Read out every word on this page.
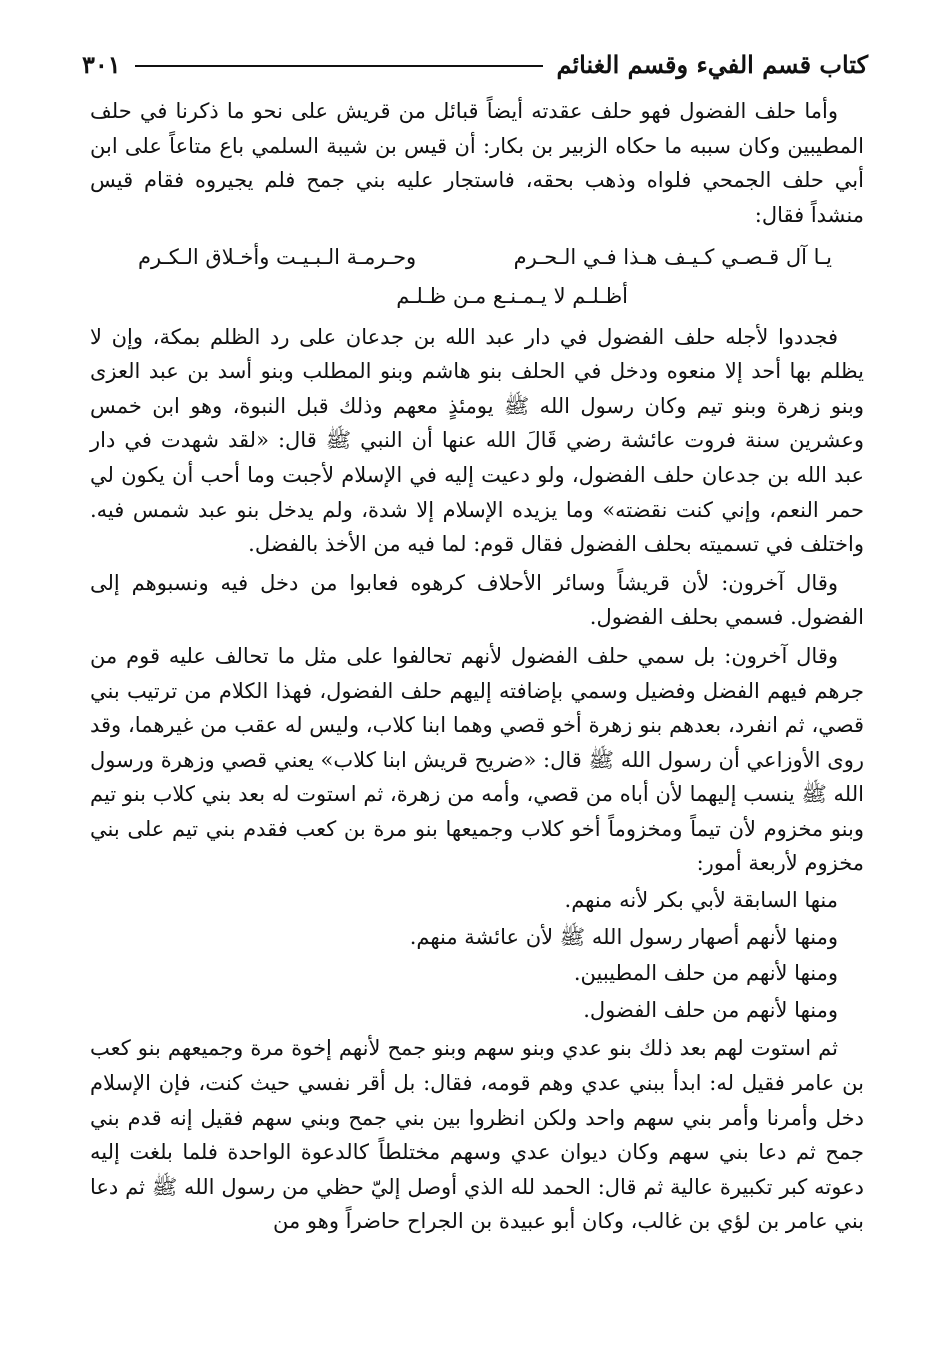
كتاب قسم الفيء وقسم الغنائم
٣٠١

وأما حلف الفضول فهو حلف عقدته أيضاً قبائل من قريش على نحو ما ذكرنا في حلف المطيبين وكان سببه ما حكاه الزبير بن بكار: أن قيس بن شيبة السلمي باع متاعاً على ابن أبي حلف الجمحي فلواه وذهب بحقه، فاستجار عليه بني جمح فلم يجيروه فقام قيس منشداً فقال:

يـا آل قـصـي كـيـف هـذا فـي الـحـرم
وحـرمـة الـبـيـت وأخـلاق الـكـرم
أظـلـم لا يـمـنـع مـن ظـلـم

فجددوا لأجله حلف الفضول في دار عبد الله بن جدعان على رد الظلم بمكة، وإن لا يظلم بها أحد إلا منعوه ودخل في الحلف بنو هاشم وبنو المطلب وبنو أسد بن عبد العزى وبنو زهرة وبنو تيم وكان رسول الله ﷺ يومئذٍ معهم وذلك قبل النبوة، وهو ابن خمس وعشرين سنة فروت عائشة رضي قَالَ الله عنها أن النبي ﷺ قال: «لقد شهدت في دار عبد الله بن جدعان حلف الفضول، ولو دعيت إليه في الإسلام لأجبت وما أحب أن يكون لي حمر النعم، وإني كنت نقضته» وما يزيده الإسلام إلا شدة، ولم يدخل بنو عبد شمس فيه. واختلف في تسميته بحلف الفضول فقال قوم: لما فيه من الأخذ بالفضل.

وقال آخرون: لأن قريشاً وسائر الأحلاف كرهوه فعابوا من دخل فيه ونسبوهم إلى الفضول. فسمي بحلف الفضول.

وقال آخرون: بل سمي حلف الفضول لأنهم تحالفوا على مثل ما تحالف عليه قوم من جرهم فيهم الفضل وفضيل وسمي بإضافته إليهم حلف الفضول، فهذا الكلام من ترتيب بني قصي، ثم انفرد، بعدهم بنو زهرة أخو قصي وهما ابنا كلاب، وليس له عقب من غيرهما، وقد روى الأوزاعي أن رسول الله ﷺ قال: «ضريح قريش ابنا كلاب» يعني قصي وزهرة ورسول الله ﷺ ينسب إليهما لأن أباه من قصي، وأمه من زهرة، ثم استوت له بعد بني كلاب بنو تيم وبنو مخزوم لأن تيماً ومخزوماً أخو كلاب وجميعها بنو مرة بن كعب فقدم بني تيم على بني مخزوم لأربعة أمور:

منها السابقة لأبي بكر لأنه منهم.

ومنها لأنهم أصهار رسول الله ﷺ لأن عائشة منهم.

ومنها لأنهم من حلف المطيبين.

ومنها لأنهم من حلف الفضول.

ثم استوت لهم بعد ذلك بنو عدي وبنو سهم وبنو جمح لأنهم إخوة مرة وجميعهم بنو كعب بن عامر فقيل له: ابدأ ببني عدي وهم قومه، فقال: بل أقر نفسي حيث كنت، فإن الإسلام دخل وأمرنا وأمر بني سهم واحد ولكن انظروا بين بني جمح وبني سهم فقيل إنه قدم بني جمح ثم دعا بني سهم وكان ديوان عدي وسهم مختلطاً كالدعوة الواحدة فلما بلغت إليه دعوته كبر تكبيرة عالية ثم قال: الحمد لله الذي أوصل إليّ حظي من رسول الله ﷺ ثم دعا بني عامر بن لؤي بن غالب، وكان أبو عبيدة بن الجراح حاضراً وهو من
